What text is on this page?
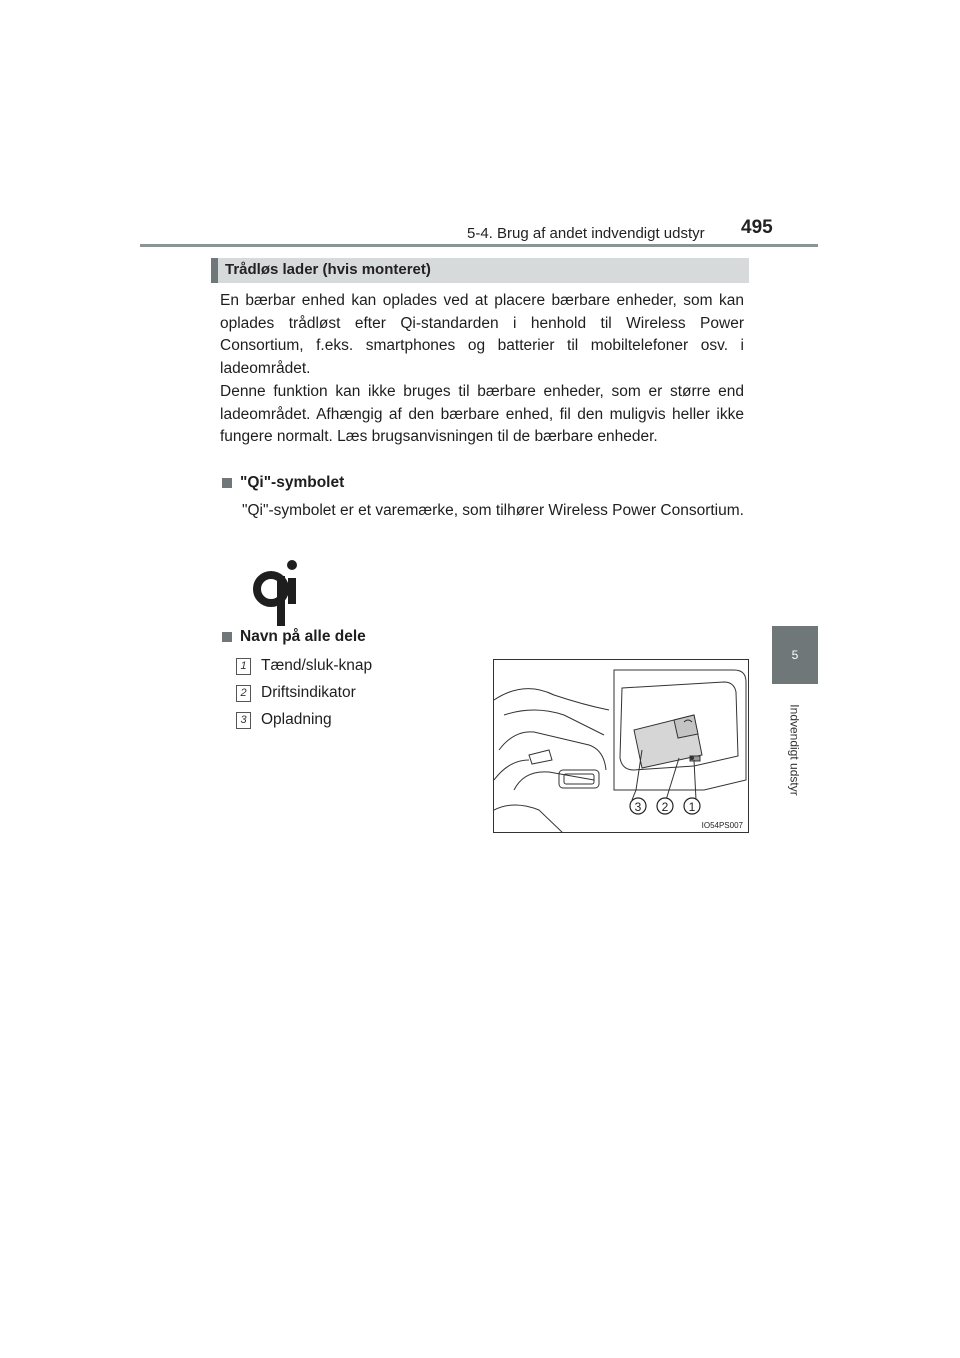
5-4. Brug af andet indvendigt udstyr 495
5
Indvendigt udstyr
Trådløs lader (hvis monteret)

En bærbar enhed kan oplades ved at placere bærbare enheder, som kan oplades trådløst efter Qi-standarden i henhold til Wireless Power Consortium, f.eks. smartphones og batterier til mobiltelefoner osv. i ladeområdet.

Denne funktion kan ikke bruges til bærbare enheder, som er større end ladeområdet. Afhængig af den bærbare enhed, fil den muligvis heller ikke fungere normalt. Læs brugsanvisningen til de bærbare enheder.

"Qi"-symbolet

"Qi"-symbolet er et varemærke, som tilhører Wireless Power Consortium.

Navn på alle dele
1 Tænd/sluk-knap
2 Driftsindikator
3 Opladning
3 2 1
IO54PS007
